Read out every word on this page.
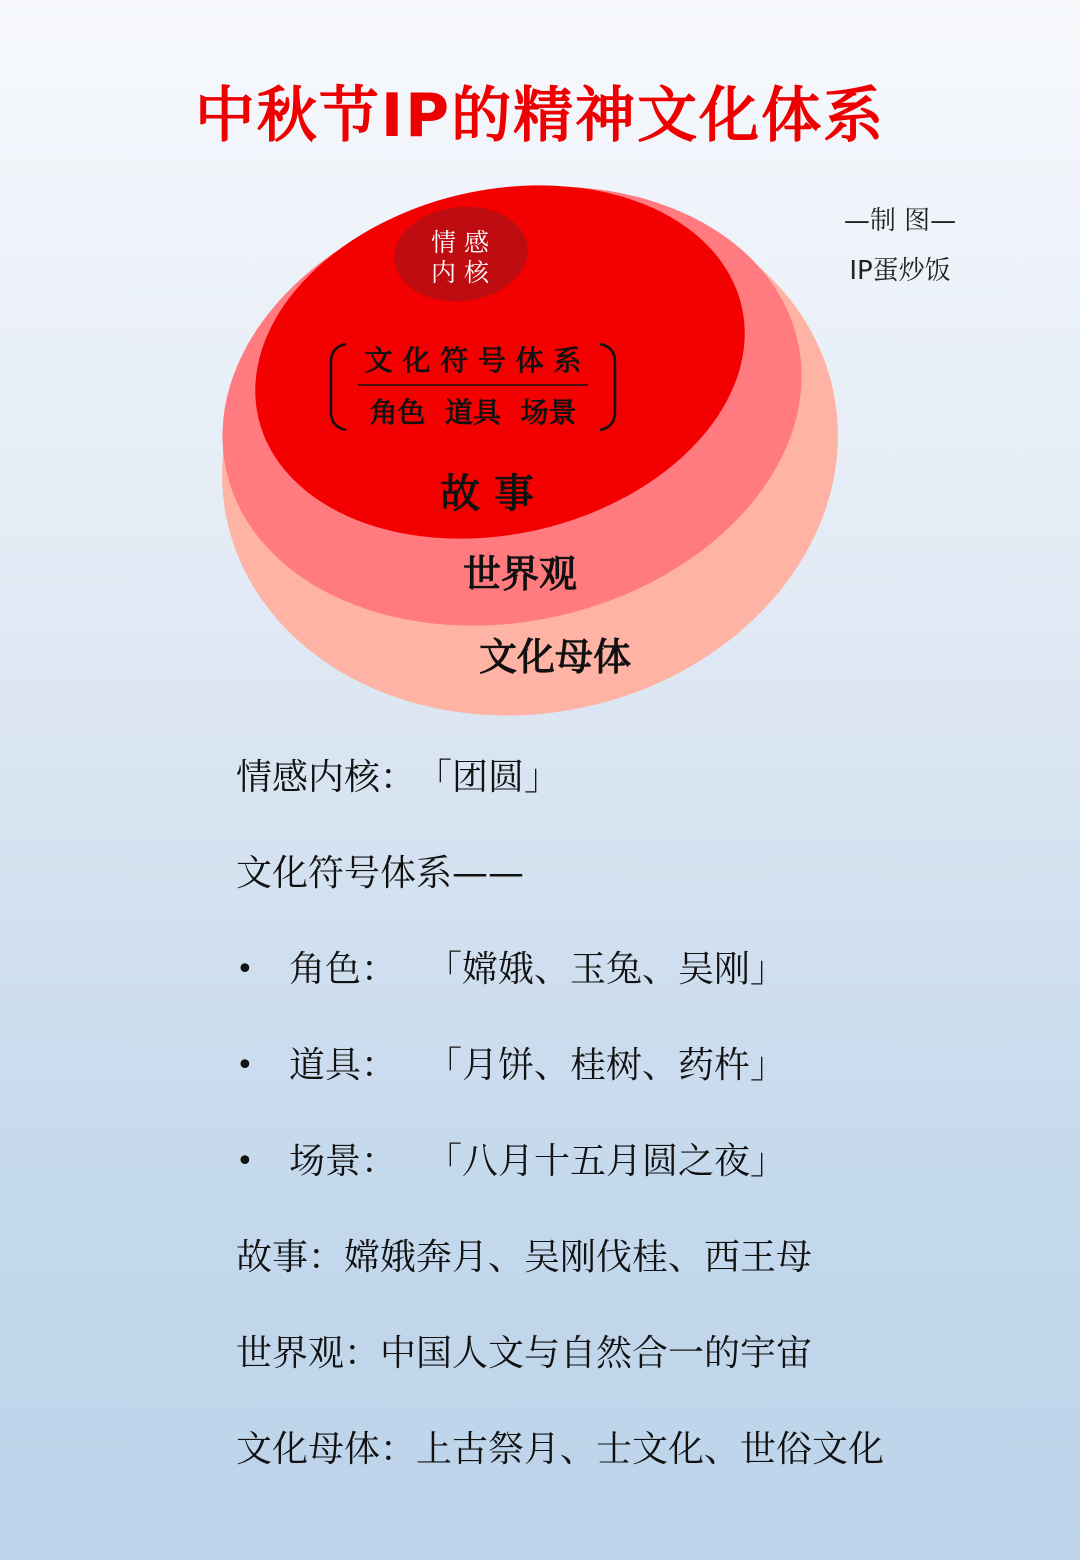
中秋节IP的精神文化体系
—制 图—
IP蛋炒饭
情 感
内 核
文 化 符 号 体 系
角色  道具  场景
故 事
世界观
文化母体
情感内核：「团圆」
文化符号体系——
• 角色： 「嫦娥、玉兔、吴刚」
• 道具： 「月饼、桂树、药杵」
• 场景： 「八月十五月圆之夜」
故事：嫦娥奔月、吴刚伐桂、西王母
世界观：中国人文与自然合一的宇宙
文化母体：上古祭月、士文化、世俗文化
